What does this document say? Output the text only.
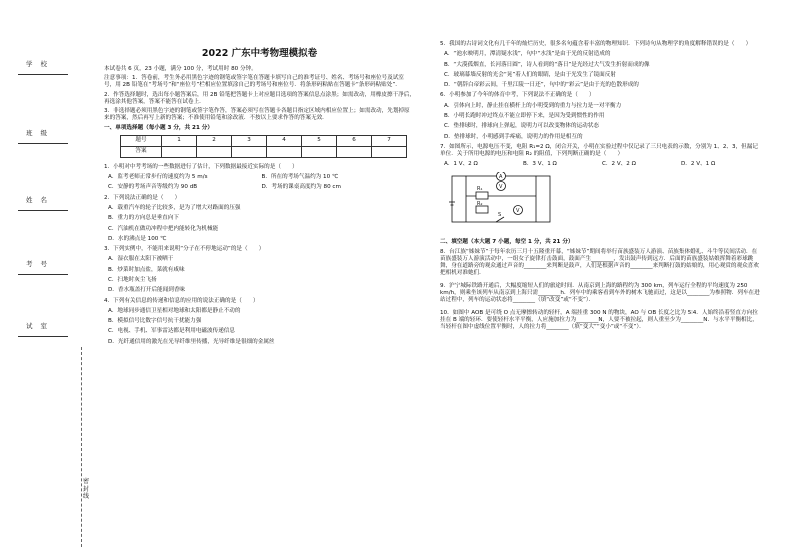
学校
班级
姓名
考号
试室
密封线
2022 广东中考物理模拟卷
本试卷共 6 页，23 小题，满分 100 分，考试用时 80 分钟。
注意事项：1．答卷前，考生务必用黑色字迹的钢笔或签字笔在答题卡填写自己的准考证号、姓名、考场号和座位号及试室号，用 2B 铅笔在“考场号”和“座位号”栏相应位置填涂自己的考场号和座位号．将条形码粘贴在答题卡“条形码粘贴处”．
2．作答选择题时，选出每小题答案后，用 2B 铅笔把答题卡上对应题目选项的答案信息点涂黑；如需改动，用橡皮擦干净后，再选涂其他答案，答案不能答在试卷上．
3．非选择题必须用黑色字迹的钢笔或签字笔作答，答案必须写在答题卡各题目指定区域内相应位置上；如需改动，先划掉原来的答案，然后再写上新的答案；不准使用铅笔和涂改液．不按以上要求作答的答案无效．
一、单项选择题（每小题 3 分，共 21 分）
题号	1	2	3	4	5	6	7
答案							
1．小明对中考考场的一些数据进行了估计，下列数据最接近实际的是（　　）
A．监考老师正常步行的速度约为 5 m/s	B．所在的考场气温约为 10 ℃
C．安静的考场声音等级约为 90 dB	D．考场的课桌高度约为 80 cm
2．下列说法正确的是（　　）
A．载重汽车的轮子比较多，是为了增大对路面的压强
B．重力的方向总是垂直向下
C．汽油机在做功冲程中把内能转化为机械能
D．水的沸点是 100 ℃
3．下列实例中，不能用来说明“分子在不停地运动”的是（　　）
A．湿衣服在太阳下被晒干
B．炒菜时加点盐，菜就有咸味
C．扫地时灰尘飞扬
D．香水瓶盖打开后能闻到香味
4．下列有关信息的传递和信息的应用的说法正确的是（　　）
A．地球同步通信卫星相对地球和太阳都是静止不动的
B．模拟信号比数字信号抗干扰能力强
C．电视、手机、军事雷达都是利用电磁波传递信息
D．光纤通信用的激光在光导纤维里传播，光导纤维是很细的金属丝
5．我国的古诗词文化有几千年的灿烂历史，很多名句蕴含着丰富的物理知识．下列诗句从物理学的角度解释错误的是（　　）
A．“池水映明月，潭清疑水浅”，句中“水浅”是由于光的反射造成的
B．“大漠孤烟直，长河落日圆”，诗人看到的“落日”是光经过大气发生折射而成的像
C．玻璃幕墙反射的光会“晃”着人们的眼睛，是由于光发生了镜面反射
D．“朝辞白帝彩云间，千里江陵一日还”，句中的“彩云”是由于光的色散形成的
6．小明参加了今年的体育中考，下列说法不正确的是（　　）
A．引体向上时，静止挂在横杆上的小明受到的重力与拉力是一对平衡力
B．小明长跑时冲过终点不能立即停下来，是因为受到惯性的作用
C．垫排球时，排球向上弹起，说明力可以改变物体的运动状态
D．垫排球时，小明感到手疼痛，说明力的作用是相互的
7．如图所示，电源电压不变，电阻 R₁=2 Ω，闭合开关，小明在实验过程中仅记录了三只电表的示数，分别为 1、2、3，但漏记单位．关于所用电源的电压和电阻 R₂ 的阻值，下列判断正确的是（　　）
A．1 V、2 Ω	B．3 V、1 Ω	C．2 V、2 Ω	D．2 V、1 Ω
A
V
V
R₁
R₂
S
二、填空题（本大题 7 小题，每空 1 分，共 21 分）
8．台江族“姊妹节”于每年农历三月十五隆重开幕，“姊妹节”期间将举行苗族盛装万人游演、苗族集体婚礼、斗牛等民间活动．在苗族盛装万人游演活动中，一组女子旋律打击鼓面，鼓面产生________，发出鼓声传到远方．后面的苗族盛装姑娘挥舞着彩球跳舞，身在道路旁的观众通过声音的________来判断是鼓声，人们是根据声音的________来判断打鼓的姑娘的，用心观赏的观众喜欢把相机对准她们．
9．沪宁城际铁路开通后，大幅度缩短人们的旅途时间．从南京到上海的路程约为 300 km，列车运行全程的平均速度为 250 km/h，则乘坐该列车从南京到上海只需________h．列车中的乘客看到车外的树木飞驰而过，这是以________为参照物．列车在进站过程中，列车的运动状态将________（填“改变”或“不变”）．
10．如图中 AOB 是可绕 O 点无摩擦转动的轻杆，A 端挂重 300 N 的物块，AO 与 OB 长度之比为 5∶4．人始终沿着竖直方向拉挂在 B 端的轻环．要使轻杆水平平衡，人应施加拉力为________N，人要不被拉起，则人重至少为________N．与水平平衡相比，当轻杆在图中虚线位置平衡时，人的拉力将________（填“变大”“变小”或“不变”）．
